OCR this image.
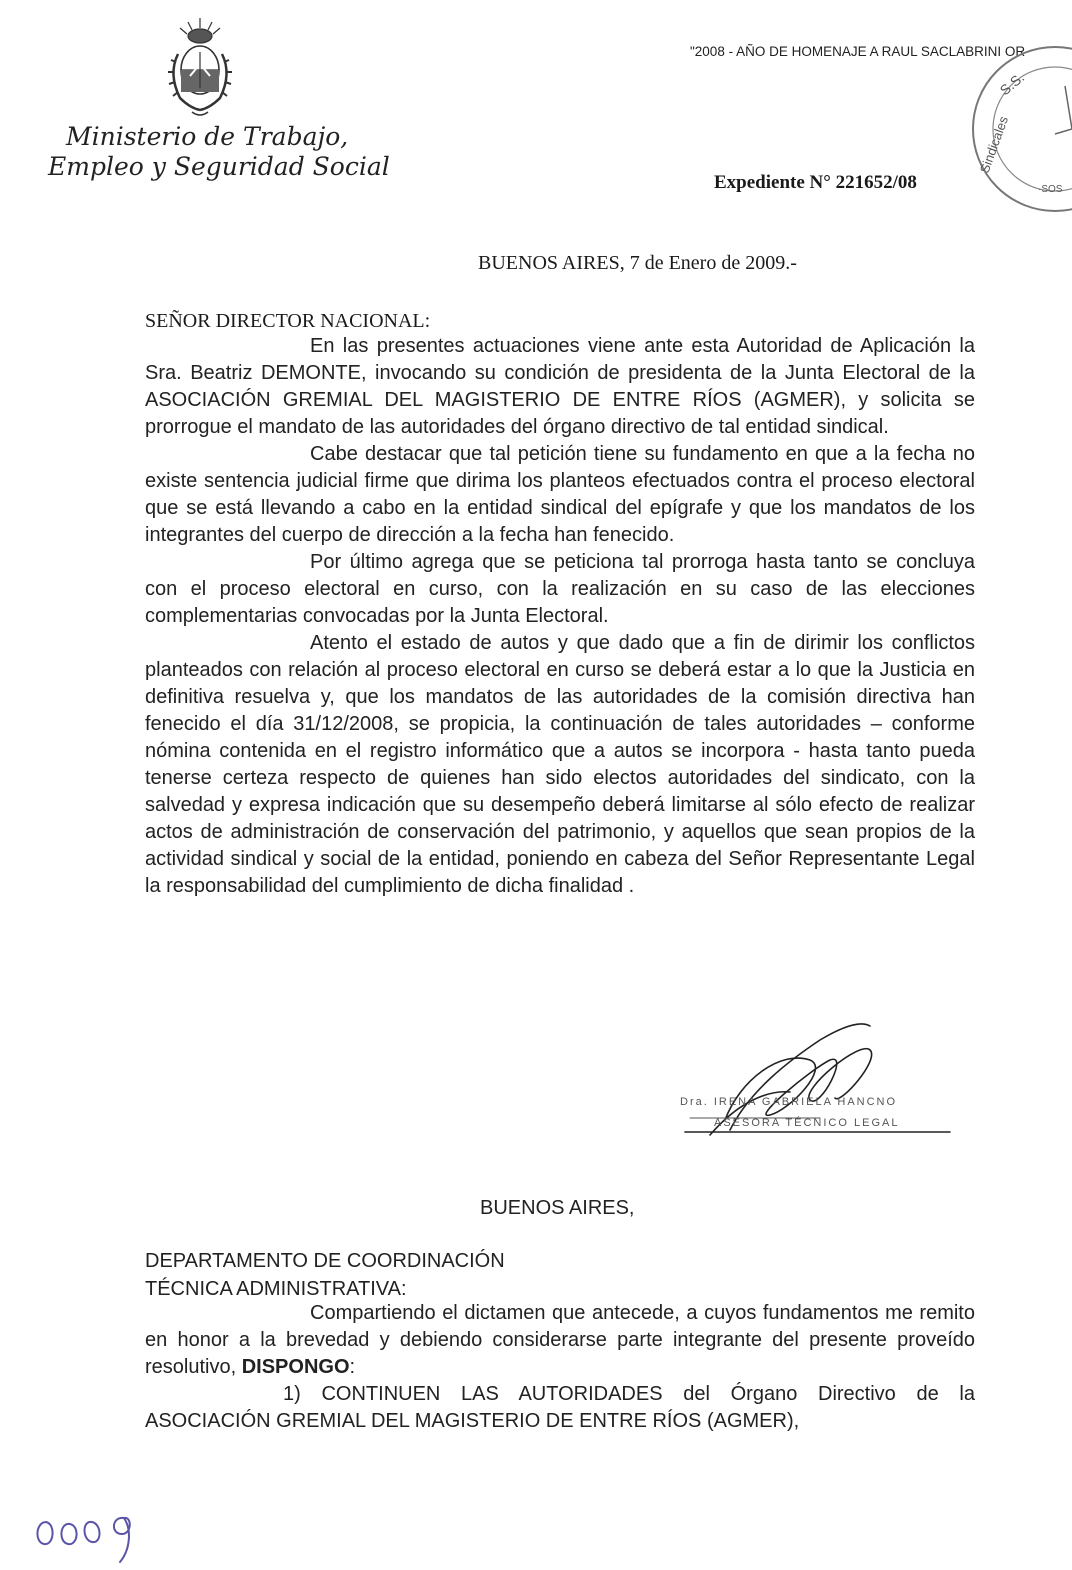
Ministerio de Trabajo,
Empleo y Seguridad Social
"2008 - AÑO DE HOMENAJE A RAUL SACLABRINI OR
Sindicales
S.S.
·SOS
Expediente N° 221652/08
BUENOS AIRES, 7 de Enero de 2009.-
SEÑOR DIRECTOR NACIONAL:

En las presentes actuaciones viene ante esta Autoridad de Aplicación la Sra. Beatriz DEMONTE, invocando su condición de presidenta de la Junta Electoral de la ASOCIACIÓN GREMIAL DEL MAGISTERIO DE ENTRE RÍOS (AGMER), y solicita se prorrogue el mandato de las autoridades del órgano directivo de tal entidad sindical.

Cabe destacar que tal petición tiene su fundamento en que a la fecha no existe sentencia judicial firme que dirima los planteos efectuados contra el proceso electoral que se está llevando a cabo en la entidad sindical del epígrafe y que los mandatos de los integrantes del cuerpo de dirección a la fecha han fenecido.

Por último agrega que se peticiona tal prorroga hasta tanto se concluya con el proceso electoral en curso, con la realización en su caso de las elecciones complementarias convocadas por la Junta Electoral.

Atento el estado de autos y que dado que a fin de dirimir los conflictos planteados con relación al proceso electoral en curso se deberá estar a lo que la Justicia en definitiva resuelva y, que los mandatos de las autoridades de la comisión directiva han fenecido el día 31/12/2008, se propicia, la continuación de tales autoridades – conforme nómina contenida en el registro informático que a autos se incorpora - hasta tanto pueda tenerse certeza respecto de quienes han sido electos autoridades del sindicato, con la salvedad y expresa indicación que su desempeño deberá limitarse al sólo efecto de realizar actos de administración de conservación del patrimonio, y aquellos que sean propios de la actividad sindical y social de la entidad, poniendo en cabeza del Señor Representante Legal la responsabilidad del cumplimiento de dicha finalidad .

Dra. IRENA GABRIELA HANCNO
ASESORA TÉCNICO LEGAL
BUENOS AIRES,
DEPARTAMENTO DE COORDINACIÓN
TÉCNICA ADMINISTRATIVA:

Compartiendo el dictamen que antecede, a cuyos fundamentos me remito en honor a la brevedad y debiendo considerarse parte integrante del presente proveído resolutivo, DISPONGO:

1) CONTINUEN LAS AUTORIDADES del Órgano Directivo de la ASOCIACIÓN GREMIAL DEL MAGISTERIO DE ENTRE RÍOS (AGMER),
